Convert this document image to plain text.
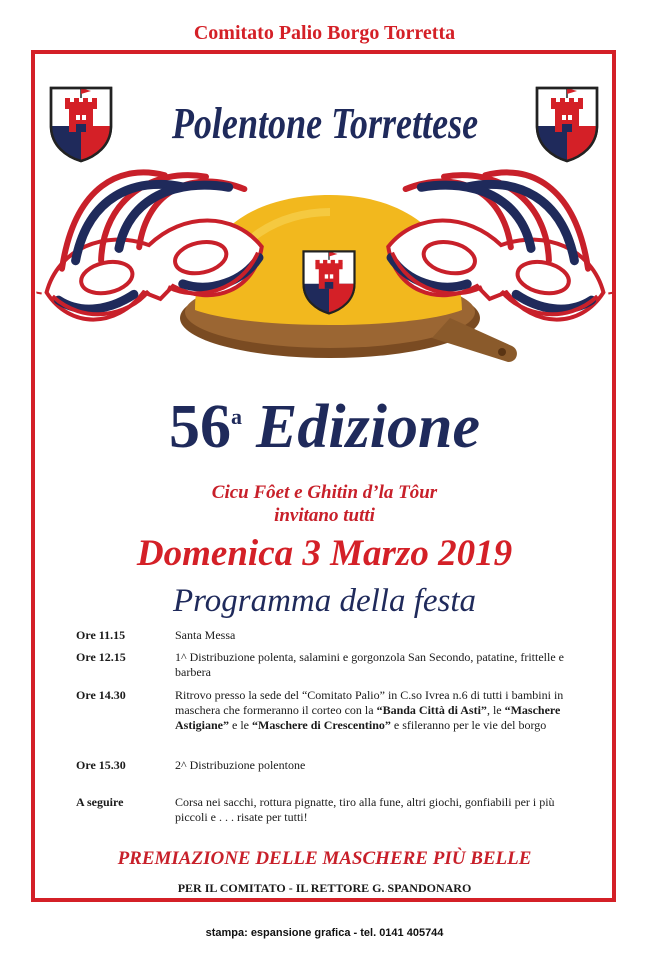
Comitato Palio Borgo Torretta
Polentone Torrettese
56$^a$ Edizione
Cicu Fôet e Ghitin d’la Tôur
invitano tutti
Domenica 3 Marzo 2019
Programma della festa
Ore 11.15	Santa Messa
Ore 12.15	1^ Distribuzione polenta, salamini e gorgonzola San Secondo, patatine, frittelle e barbera
Ore 14.30	Ritrovo presso la sede del “Comitato Palio” in C.so Ivrea n.6 di tutti i bambini in maschera che formeranno il corteo con la “Banda Città di Asti”, le “Maschere Astigiane” e le “Maschere di Crescentino” e sfileranno per le vie del borgo
Ore 15.30	2^ Distribuzione polentone
A seguire	Corsa nei sacchi, rottura pignatte, tiro alla fune, altri giochi, gonfiabili per i più piccoli e . . . risate per tutti!
PREMIAZIONE DELLE MASCHERE PIÙ BELLE
PER IL COMITATO - IL RETTORE G. SPANDONARO
stampa: espansione grafica - tel. 0141 405744
